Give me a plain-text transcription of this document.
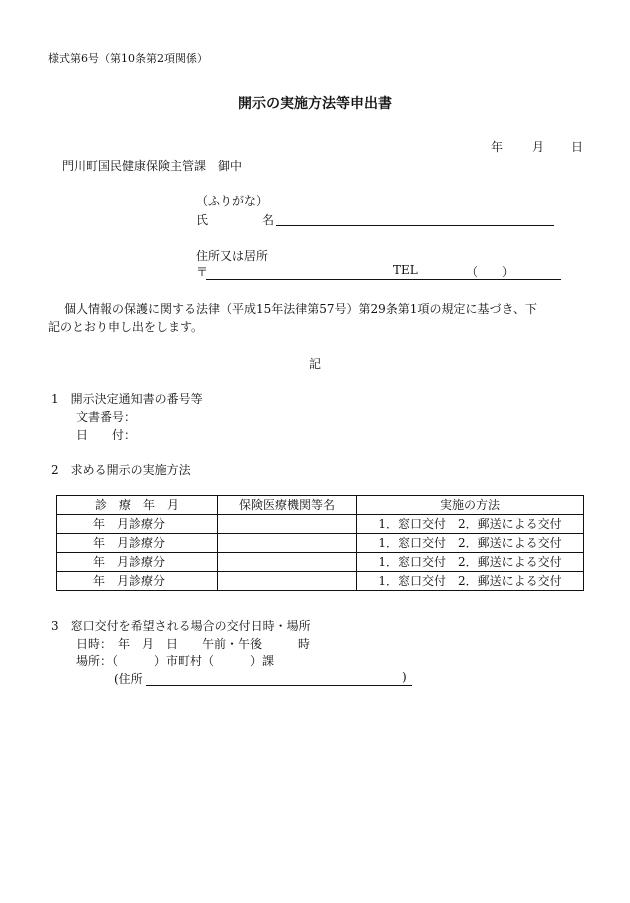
様式第6号（第10条第2項関係）
開示の実施方法等申出書
年 月 日
門川町国民健康保険主管課　御中
（ふりがな）
氏	名
住所又は居所
〒	TEL	（　　）
個人情報の保護に関する法律（平成15年法律第57号）第29条第1項の規定に基づき、下
記のとおり申し出をします。
記
1　開示決定通知書の番号等
文書番号：
日　　付：
2　求める開示の実施方法
診　療　年　月	保険医療機関等名	実施の方法
年　月診療分		1．窓口交付　2．郵送による交付
年　月診療分		1．窓口交付　2．郵送による交付
年　月診療分		1．窓口交付　2．郵送による交付
年　月診療分		1．窓口交付　2．郵送による交付
3　窓口交付を希望される場合の交付日時・場所
日時：　年　月　日　　午前・午後　　　時
場所：（　　　）市町村（　　　）課
(住所	)
